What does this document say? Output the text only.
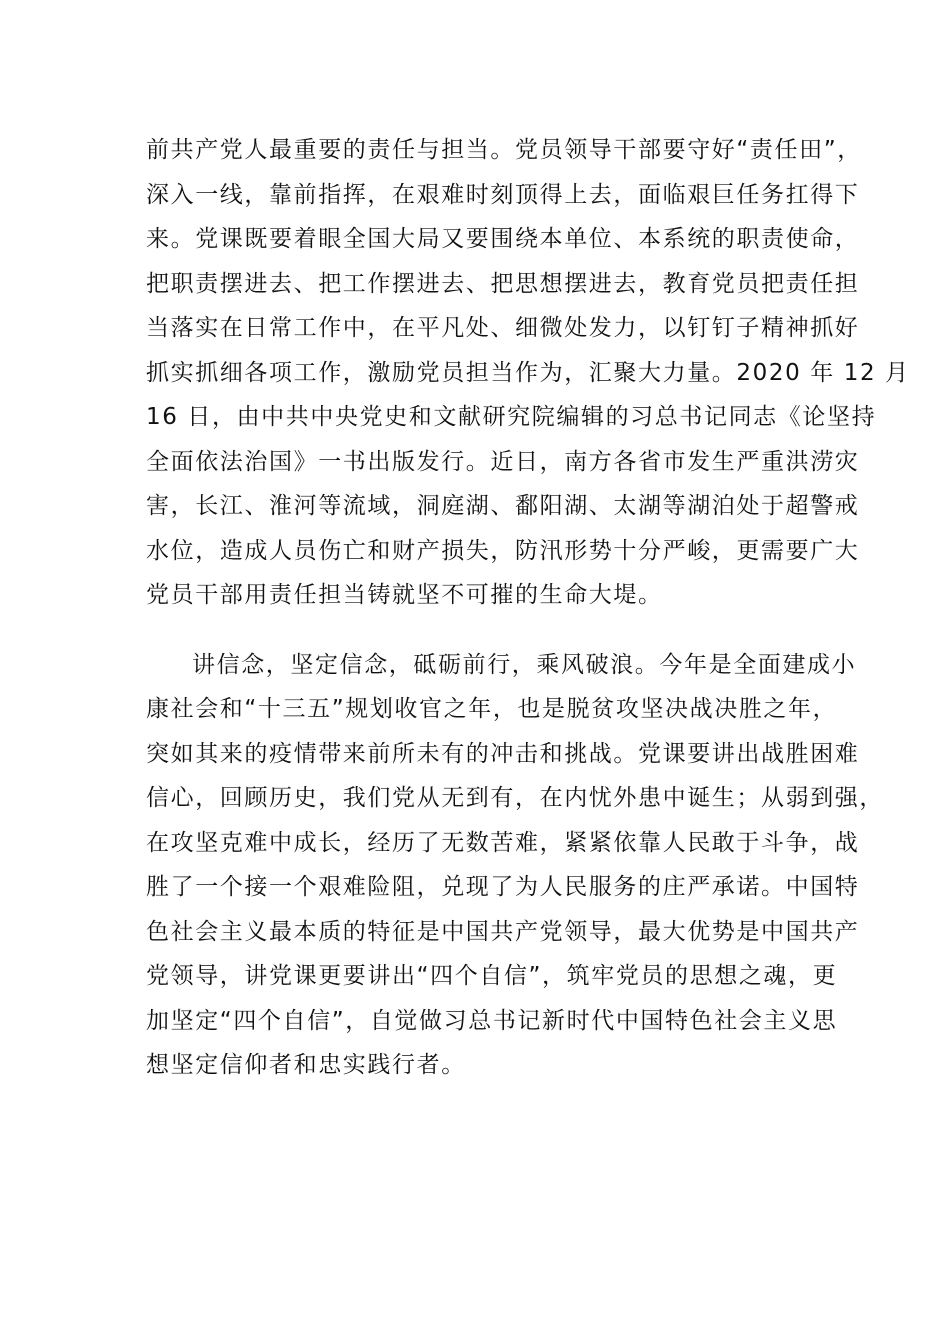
前共产党人最重要的责任与担当。党员领导干部要守好“责任田”，
深入一线，靠前指挥，在艰难时刻顶得上去，面临艰巨任务扛得下
来。党课既要着眼全国大局又要围绕本单位、本系统的职责使命，
把职责摆进去、把工作摆进去、把思想摆进去，教育党员把责任担
当落实在日常工作中，在平凡处、细微处发力，以钉钉子精神抓好
抓实抓细各项工作，激励党员担当作为，汇聚大力量。2020 年 12 月
16 日，由中共中央党史和文献研究院编辑的习总书记同志《论坚持
全面依法治国》一书出版发行。近日，南方各省市发生严重洪涝灾
害，长江、淮河等流域，洞庭湖、鄱阳湖、太湖等湖泊处于超警戒
水位，造成人员伤亡和财产损失，防汛形势十分严峻，更需要广大
党员干部用责任担当铸就坚不可摧的生命大堤。
讲信念，坚定信念，砥砺前行，乘风破浪。今年是全面建成小
康社会和“十三五”规划收官之年，也是脱贫攻坚决战决胜之年，
突如其来的疫情带来前所未有的冲击和挑战。党课要讲出战胜困难
信心，回顾历史，我们党从无到有，在内忧外患中诞生；从弱到强，
在攻坚克难中成长，经历了无数苦难，紧紧依靠人民敢于斗争，战
胜了一个接一个艰难险阻，兑现了为人民服务的庄严承诺。中国特
色社会主义最本质的特征是中国共产党领导，最大优势是中国共产
党领导，讲党课更要讲出“四个自信”，筑牢党员的思想之魂，更
加坚定“四个自信”，自觉做习总书记新时代中国特色社会主义思
想坚定信仰者和忠实践行者。
